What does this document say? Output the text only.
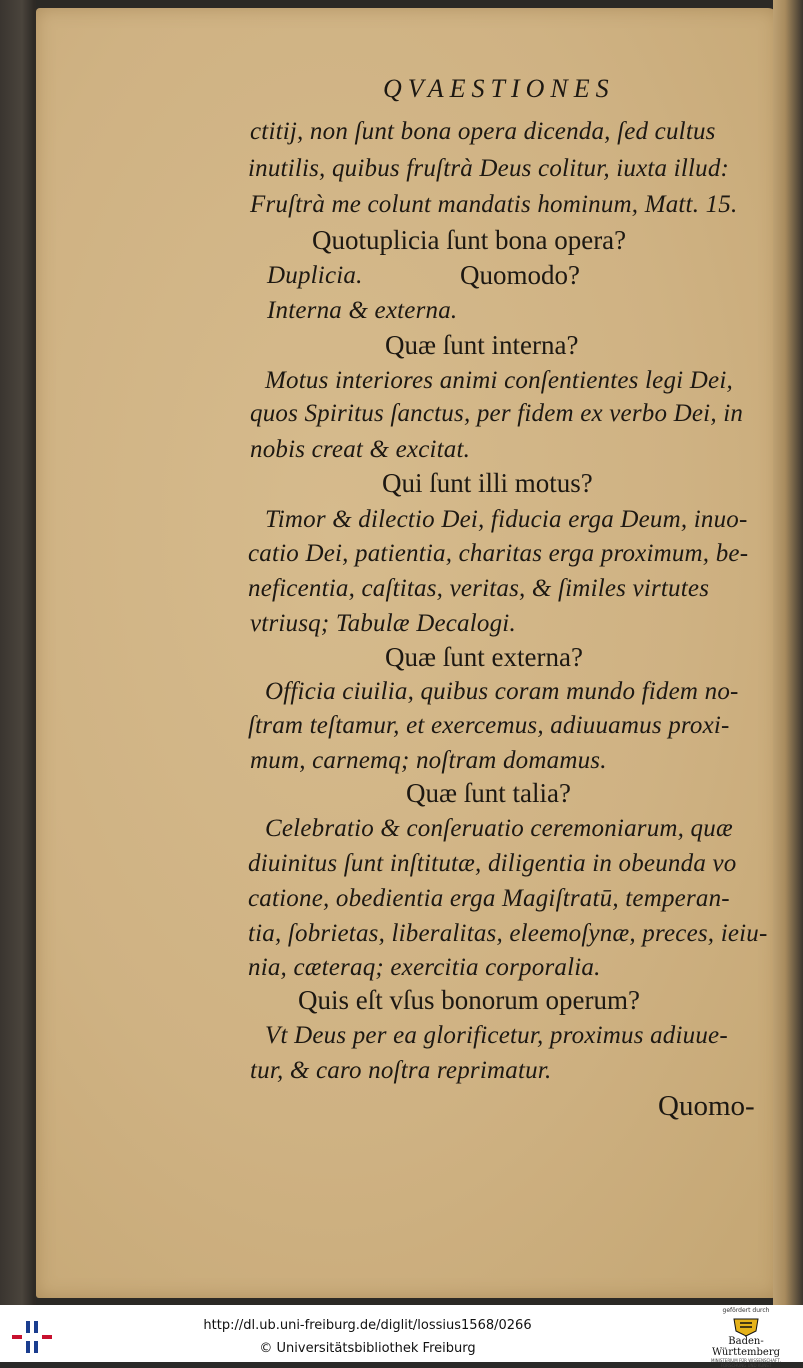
QVAESTIONES
ctitij, non ſunt bona opera dicenda, ſed cultus
inutilis, quibus fruſtrà Deus colitur, iuxta illud:
Fruſtrà me colunt mandatis hominum, Matt. 15.
Quotuplicia ſunt bona opera?
Duplicia.	Quomodo?
Interna & externa.
Quæ ſunt interna?
Motus interiores animi conſentientes legi Dei,
quos Spiritus ſanctus, per fidem ex verbo Dei, in
nobis creat & excitat.
Qui ſunt illi motus?
Timor & dilectio Dei, fiducia erga Deum, inuo-
catio Dei, patientia, charitas erga proximum, be-
neficentia, caſtitas, veritas, & ſimiles virtutes
vtriusq; Tabulæ Decalogi.
Quæ ſunt externa?
Officia ciuilia, quibus coram mundo fidem no-
ſtram teſtamur, et exercemus, adiuuamus proxi-
mum, carnemq; noſtram domamus.
Quæ ſunt talia?
Celebratio & conſeruatio ceremoniarum, quæ
diuinitus ſunt inſtitutæ, diligentia in obeunda vo
catione, obedientia erga Magiſtratū, temperan-
tia, ſobrietas, liberalitas, eleemoſynæ, preces, ieiu-
nia, cæteraq; exercitia corporalia.
Quis eſt vſus bonorum operum?
Vt Deus per ea glorificetur, proximus adiuue-
tur, & caro noſtra reprimatur.
Quomo-
http://dl.ub.uni-freiburg.de/diglit/lossius1568/0266
© Universitätsbibliothek Freiburg
gefördert durch
Baden-Württemberg
MINISTERIUM FÜR WISSENSCHAFT, FORSCHUNG UND KUNST
